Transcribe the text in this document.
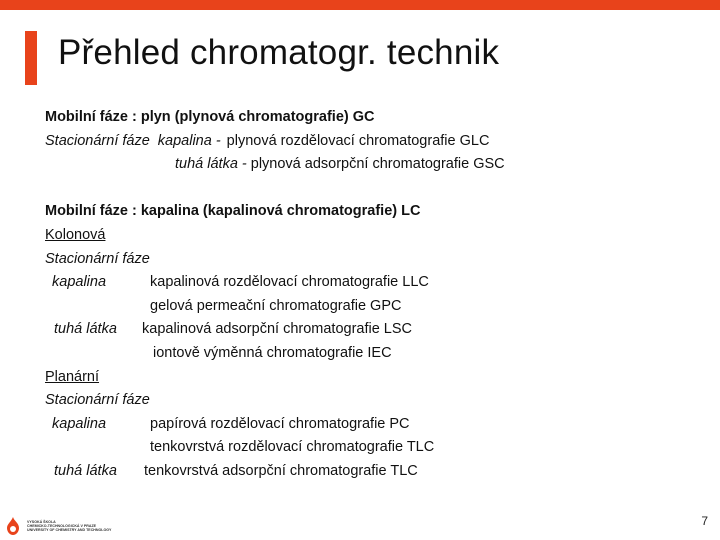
Přehled chromatogr. technik
Mobilní fáze : plyn (plynová chromatografie) GC
Stacionární fáze kapalina - plynová rozdělovací chromatografie GLC
tuhá látka - plynová adsorpční chromatografie GSC
Mobilní fáze : kapalina (kapalinová chromatografie) LC
Kolonová
Stacionární fáze
kapalina	kapalinová rozdělovací chromatografie LLC
gelová permeační chromatografie GPC
tuhá látka kapalinová adsorpční chromatografie LSC
iontově výměnná chromatografie IEC
Planární
Stacionární fáze
kapalina	papírová rozdělovací chromatografie PC
tenkovrstvá rozdělovací chromatografie TLC
tuhá látka tenkovrstvá adsorpční chromatografie TLC
VYSOKÁ ŠKOLA
CHEMICKO-TECHNOLOGICKÁ V PRAZE
UNIVERSITY OF CHEMISTRY AND TECHNOLOGY
7
